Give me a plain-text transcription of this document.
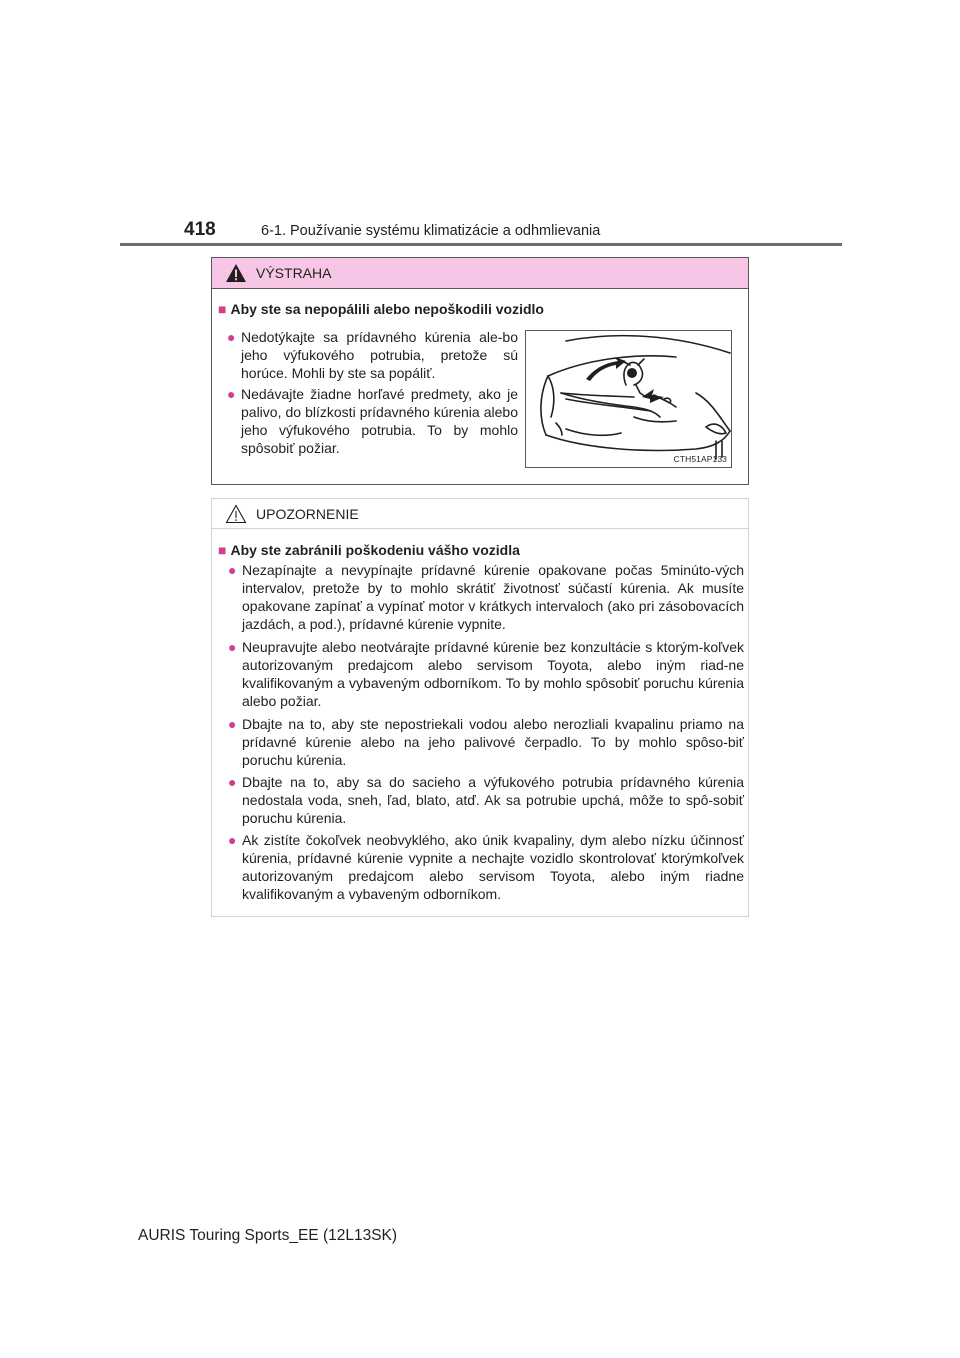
418	6-1. Používanie systému klimatizácie a odhmlievania
VÝSTRAHA
■ Aby ste sa nepopálili alebo nepoškodili vozidlo
● Nedotýkajte sa prídavného kúrenia ale-bo jeho výfukového potrubia, pretože sú horúce. Mohli by ste sa popáliť.
● Nedávajte žiadne horľavé predmety, ako je palivo, do blízkosti prídavného kúrenia alebo jeho výfukového potrubia. To by mohlo spôsobiť požiar.
CTH51AP133
UPOZORNENIE
■ Aby ste zabránili poškodeniu vášho vozidla
● Nezapínajte a nevypínajte prídavné kúrenie opakovane počas 5minúto-vých intervalov, pretože by to mohlo skrátiť životnosť súčastí kúrenia. Ak musíte opakovane zapínať a vypínať motor v krátkych intervaloch (ako pri zásobovacích jazdách, a pod.), prídavné kúrenie vypnite.
● Neupravujte alebo neotvárajte prídavné kúrenie bez konzultácie s ktorým-koľvek autorizovaným predajcom alebo servisom Toyota, alebo iným riad-ne kvalifikovaným a vybaveným odborníkom. To by mohlo spôsobiť poruchu kúrenia alebo požiar.
● Dbajte na to, aby ste nepostriekali vodou alebo nerozliali kvapalinu priamo na prídavné kúrenie alebo na jeho palivové čerpadlo. To by mohlo spôso-biť poruchu kúrenia.
● Dbajte na to, aby sa do sacieho a výfukového potrubia prídavného kúrenia nedostala voda, sneh, ľad, blato, atď. Ak sa potrubie upchá, môže to spô-sobiť poruchu kúrenia.
● Ak zistíte čokoľvek neobvyklého, ako únik kvapaliny, dym alebo nízku účinnosť kúrenia, prídavné kúrenie vypnite a nechajte vozidlo skontrolovať ktorýmkoľvek autorizovaným predajcom alebo servisom Toyota, alebo iným riadne kvalifikovaným a vybaveným odborníkom.
AURIS Touring Sports_EE (12L13SK)
